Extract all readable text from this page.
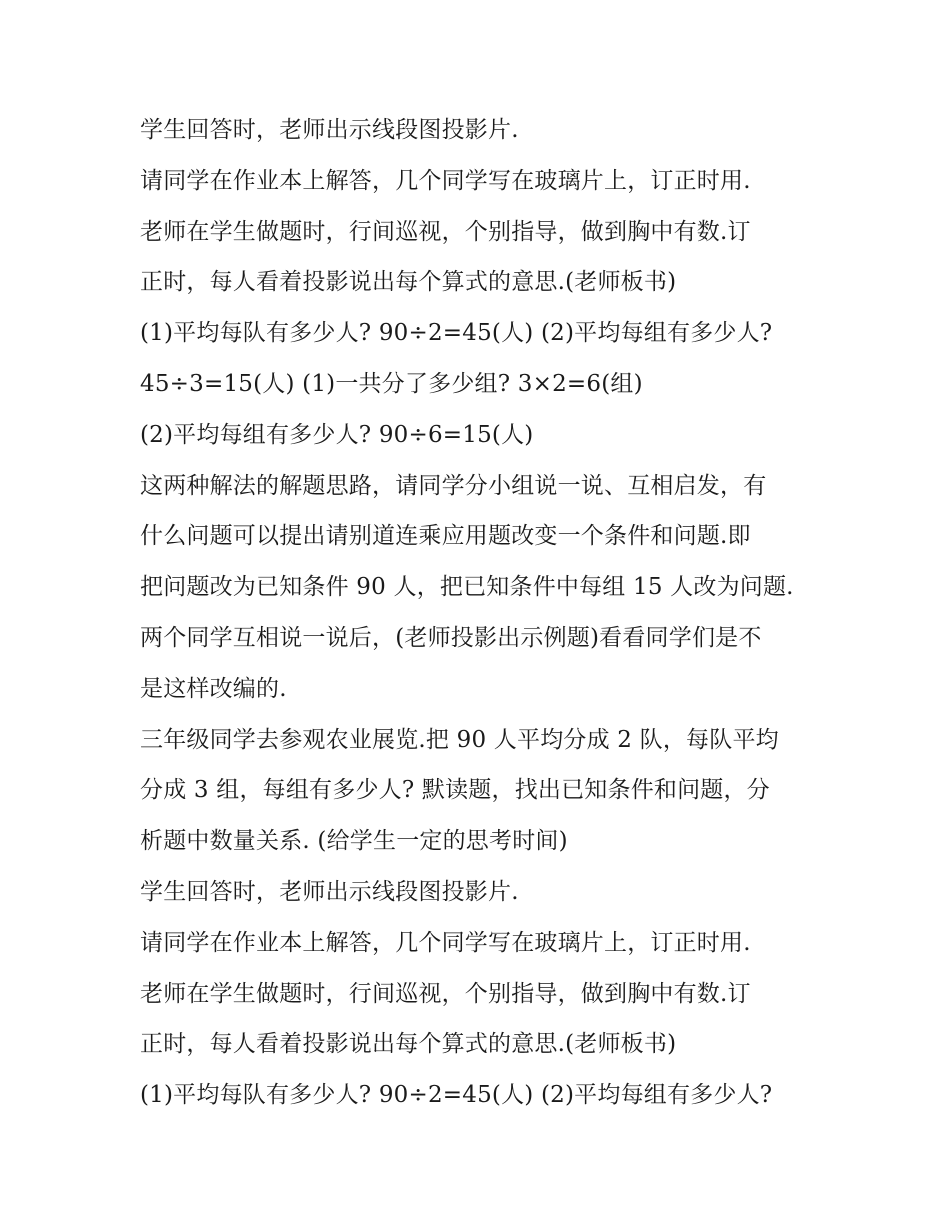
学生回答时，老师出示线段图投影片.
请同学在作业本上解答，几个同学写在玻璃片上，订正时用.
老师在学生做题时，行间巡视，个别指导，做到胸中有数.订
正时，每人看着投影说出每个算式的意思.(老师板书)
(1)平均每队有多少人? 90÷2=45(人) (2)平均每组有多少人?
45÷3=15(人) (1)一共分了多少组? 3×2=6(组)
(2)平均每组有多少人? 90÷6=15(人)
这两种解法的解题思路，请同学分小组说一说、互相启发，有
什么问题可以提出请别道连乘应用题改变一个条件和问题.即
把问题改为已知条件 90 人，把已知条件中每组 15 人改为问题.
两个同学互相说一说后，(老师投影出示例题)看看同学们是不
是这样改编的.
三年级同学去参观农业展览.把 90 人平均分成 2 队，每队平均
分成 3 组，每组有多少人? 默读题，找出已知条件和问题，分
析题中数量关系. (给学生一定的思考时间)
学生回答时，老师出示线段图投影片.
请同学在作业本上解答，几个同学写在玻璃片上，订正时用.
老师在学生做题时，行间巡视，个别指导，做到胸中有数.订
正时，每人看着投影说出每个算式的意思.(老师板书)
(1)平均每队有多少人? 90÷2=45(人) (2)平均每组有多少人?
